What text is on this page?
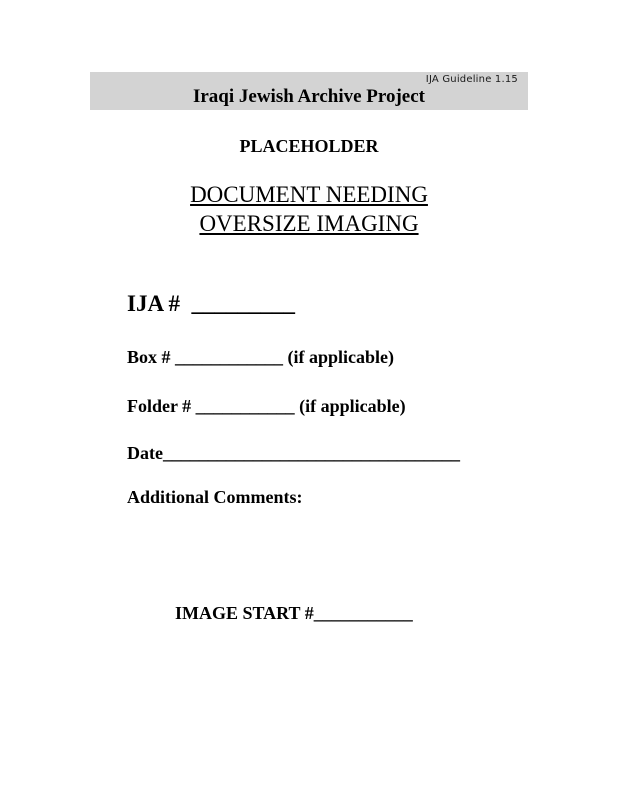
IJA Guideline 1.15
Iraqi Jewish Archive Project
PLACEHOLDER
DOCUMENT NEEDING
OVERSIZE IMAGING
IJA #  _________
Box # ____________ (if applicable)
Folder # ___________ (if applicable)
Date_________________________________
Additional Comments:
IMAGE START #___________
